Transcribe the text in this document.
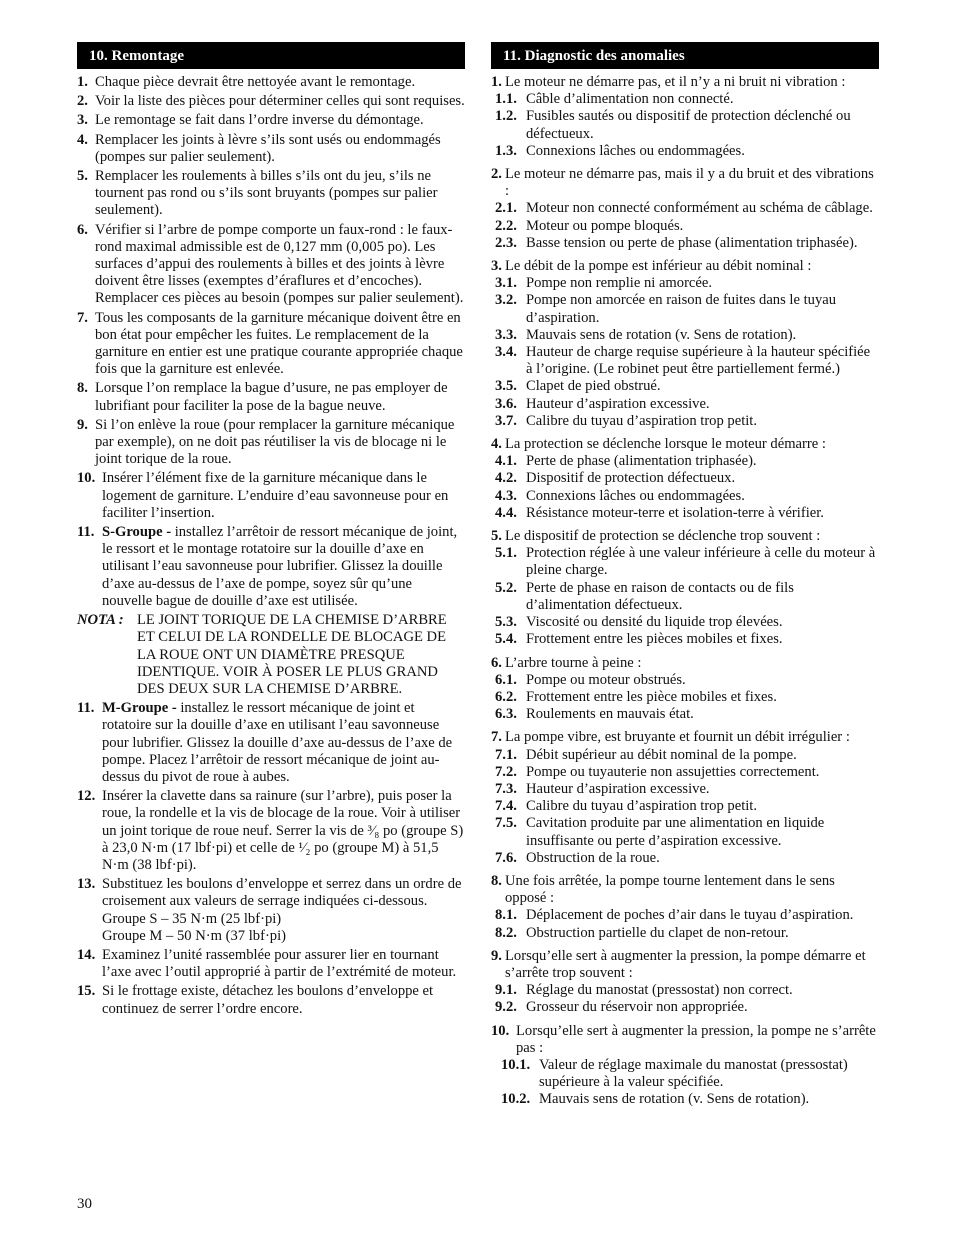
10. Remontage
1. Chaque pièce devrait être nettoyée avant le remontage.
2. Voir la liste des pièces pour déterminer celles qui sont requises.
3. Le remontage se fait dans l’ordre inverse du démontage.
4. Remplacer les joints à lèvre s’ils sont usés ou endommagés (pompes sur palier seulement).
5. Remplacer les roulements à billes s’ils ont du jeu, s’ils ne tournent pas rond ou s’ils sont bruyants (pompes sur palier seulement).
6. Vérifier si l’arbre de pompe comporte un faux-rond : le faux-rond maximal admissible est de 0,127 mm (0,005 po). Les surfaces d’appui des roulements à billes et des joints à lèvre doivent être lisses (exemptes d’éraflures et d’encoches). Remplacer ces pièces au besoin (pompes sur palier seulement).
7. Tous les composants de la garniture mécanique doivent être en bon état pour empêcher les fuites. Le remplacement de la garniture en entier est une pratique courante appropriée chaque fois que la garniture est enlevée.
8. Lorsque l’on remplace la bague d’usure, ne pas employer de lubrifiant pour faciliter la pose de la bague neuve.
9. Si l’on enlève la roue (pour remplacer la garniture mécanique par exemple), on ne doit pas réutiliser la vis de blocage ni le joint torique de la roue.
10. Insérer l’élément fixe de la garniture mécanique dans le logement de garniture. L’enduire d’eau savonneuse pour en faciliter l’insertion.
11. S-Groupe - installez l’arrêtoir de ressort mécanique de joint, le ressort et le montage rotatoire sur la douille d’axe en utilisant l’eau savonneuse pour lubrifier. Glissez la douille d’axe au-dessus de l’axe de pompe, soyez sûr qu’une nouvelle bague de douille d’axe est utilisée.
NOTA : LE JOINT TORIQUE DE LA CHEMISE D’ARBRE ET CELUI DE LA RONDELLE DE BLOCAGE DE LA ROUE ONT UN DIAMÈTRE PRESQUE IDENTIQUE. VOIR À POSER LE PLUS GRAND DES DEUX SUR LA CHEMISE D’ARBRE.
11. M-Groupe - installez le ressort mécanique de joint et rotatoire sur la douille d’axe en utilisant l’eau savonneuse pour lubrifier. Glissez la douille d’axe au-dessus de l’axe de pompe. Placez l’arrêtoir de ressort mécanique de joint au-dessus du pivot de roue à aubes.
12. Insérer la clavette dans sa rainure (sur l’arbre), puis poser la roue, la rondelle et la vis de blocage de la roue. Voir à utiliser un joint torique de roue neuf. Serrer la vis de ³⁄₈ po (groupe S) à 23,0 N·m (17 lbf·pi) et celle de ¹⁄₂ po (groupe M) à 51,5 N·m (38 lbf·pi).
13. Substituez les boulons d’enveloppe et serrez dans un ordre de croisement aux valeurs de serrage indiquées ci-dessous.
Groupe S – 35 N·m (25 lbf·pi)
Groupe M – 50 N·m (37 lbf·pi)
14. Examinez l’unité rassemblée pour assurer lier en tournant l’axe avec l’outil approprié à partir de l’extrémité de moteur.
15. Si le frottage existe, détachez les boulons d’enveloppe et continuez de serrer l’ordre encore.
11. Diagnostic des anomalies
1. Le moteur ne démarre pas, et il n’y a ni bruit ni vibration :
1.1. Câble d’alimentation non connecté.
1.2. Fusibles sautés ou dispositif de protection déclenché ou défectueux.
1.3. Connexions lâches ou endommagées.
2. Le moteur ne démarre pas, mais il y a du bruit et des vibrations :
2.1. Moteur non connecté conformément au schéma de câblage.
2.2. Moteur ou pompe bloqués.
2.3. Basse tension ou perte de phase (alimentation triphasée).
3. Le débit de la pompe est inférieur au débit nominal :
3.1. Pompe non remplie ni amorcée.
3.2. Pompe non amorcée en raison de fuites dans le tuyau d’aspiration.
3.3. Mauvais sens de rotation (v. Sens de rotation).
3.4. Hauteur de charge requise supérieure à la hauteur spécifiée à l’origine. (Le robinet peut être partiellement fermé.)
3.5. Clapet de pied obstrué.
3.6. Hauteur d’aspiration excessive.
3.7. Calibre du tuyau d’aspiration trop petit.
4. La protection se déclenche lorsque le moteur démarre :
4.1. Perte de phase (alimentation triphasée).
4.2. Dispositif de protection défectueux.
4.3. Connexions lâches ou endommagées.
4.4. Résistance moteur-terre et isolation-terre à vérifier.
5. Le dispositif de protection se déclenche trop souvent :
5.1. Protection réglée à une valeur inférieure à celle du moteur à pleine charge.
5.2. Perte de phase en raison de contacts ou de fils d’alimentation défectueux.
5.3. Viscosité ou densité du liquide trop élevées.
5.4. Frottement entre les pièces mobiles et fixes.
6. L’arbre tourne à peine :
6.1. Pompe ou moteur obstrués.
6.2. Frottement entre les pièce mobiles et fixes.
6.3. Roulements en mauvais état.
7. La pompe vibre, est bruyante et fournit un débit irrégulier :
7.1. Débit supérieur au débit nominal de la pompe.
7.2. Pompe ou tuyauterie non assujetties correctement.
7.3. Hauteur d’aspiration excessive.
7.4. Calibre du tuyau d’aspiration trop petit.
7.5. Cavitation produite par une alimentation en liquide insuffisante ou perte d’aspiration excessive.
7.6. Obstruction de la roue.
8. Une fois arrêtée, la pompe tourne lentement dans le sens opposé :
8.1. Déplacement de poches d’air dans le tuyau d’aspiration.
8.2. Obstruction partielle du clapet de non-retour.
9. Lorsqu’elle sert à augmenter la pression, la pompe démarre et s’arrête trop souvent :
9.1. Réglage du manostat (pressostat) non correct.
9.2. Grosseur du réservoir non appropriée.
10. Lorsqu’elle sert à augmenter la pression, la pompe ne s’arrête pas :
10.1. Valeur de réglage maximale du manostat (pressostat) supérieure à la valeur spécifiée.
10.2. Mauvais sens de rotation (v. Sens de rotation).
30
